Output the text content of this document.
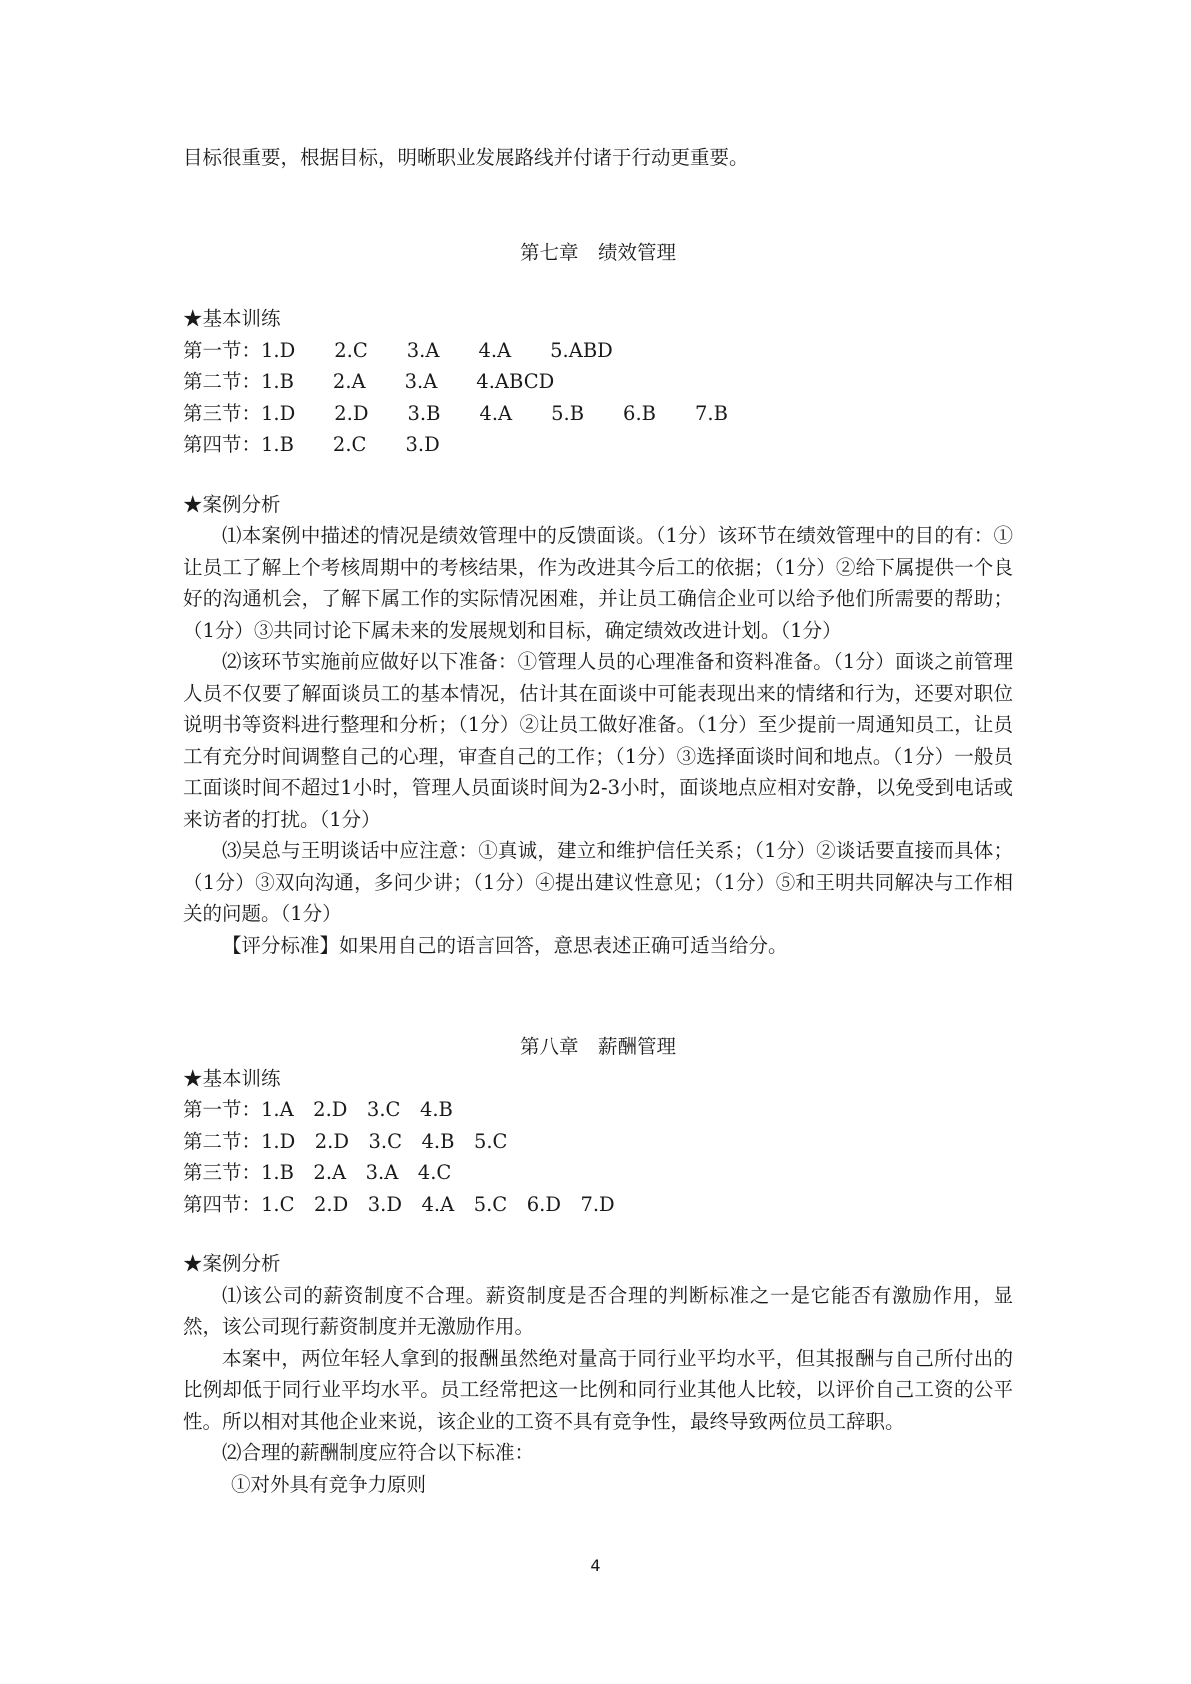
目标很重要，根据目标，明晰职业发展路线并付诸于行动更重要。
第七章　绩效管理
★基本训练
第一节：1.D　　2.C　　3.A　　4.A　　5.ABD
第二节：1.B　　2.A　　3.A　　4.ABCD
第三节：1.D　　2.D　　3.B　　4.A　　5.B　　6.B　　7.B
第四节：1.B　　2.C　　3.D
★案例分析
⑴本案例中描述的情况是绩效管理中的反馈面谈。（1分）该环节在绩效管理中的目的有：①让员工了解上个考核周期中的考核结果，作为改进其今后工的依据；（1分）②给下属提供一个良好的沟通机会，了解下属工作的实际情况困难，并让员工确信企业可以给予他们所需要的帮助；（1分）③共同讨论下属未来的发展规划和目标，确定绩效改进计划。（1分）
⑵该环节实施前应做好以下准备：①管理人员的心理准备和资料准备。（1分）面谈之前管理人员不仅要了解面谈员工的基本情况，估计其在面谈中可能表现出来的情绪和行为，还要对职位说明书等资料进行整理和分析；（1分）②让员工做好准备。（1分）至少提前一周通知员工，让员工有充分时间调整自己的心理，审查自己的工作；（1分）③选择面谈时间和地点。（1分）一般员工面谈时间不超过1小时，管理人员面谈时间为2-3小时，面谈地点应相对安静，以免受到电话或来访者的打扰。（1分）
⑶吴总与王明谈话中应注意：①真诚，建立和维护信任关系；（1分）②谈话要直接而具体；（1分）③双向沟通，多问少讲；（1分）④提出建议性意见；（1分）⑤和王明共同解决与工作相关的问题。（1分）
【评分标准】如果用自己的语言回答，意思表述正确可适当给分。
第八章　薪酬管理
★基本训练
第一节：1.A　2.D　3.C　4.B
第二节：1.D　2.D　3.C　4.B　5.C
第三节：1.B　2.A　3.A　4.C
第四节：1.C　2.D　3.D　4.A　5.C　6.D　7.D
★案例分析
⑴该公司的薪资制度不合理。薪资制度是否合理的判断标准之一是它能否有激励作用，显然，该公司现行薪资制度并无激励作用。
本案中，两位年轻人拿到的报酬虽然绝对量高于同行业平均水平，但其报酬与自己所付出的比例却低于同行业平均水平。员工经常把这一比例和同行业其他人比较，以评价自己工资的公平性。所以相对其他企业来说，该企业的工资不具有竞争性，最终导致两位员工辞职。
⑵合理的薪酬制度应符合以下标准：
①对外具有竞争力原则
4
